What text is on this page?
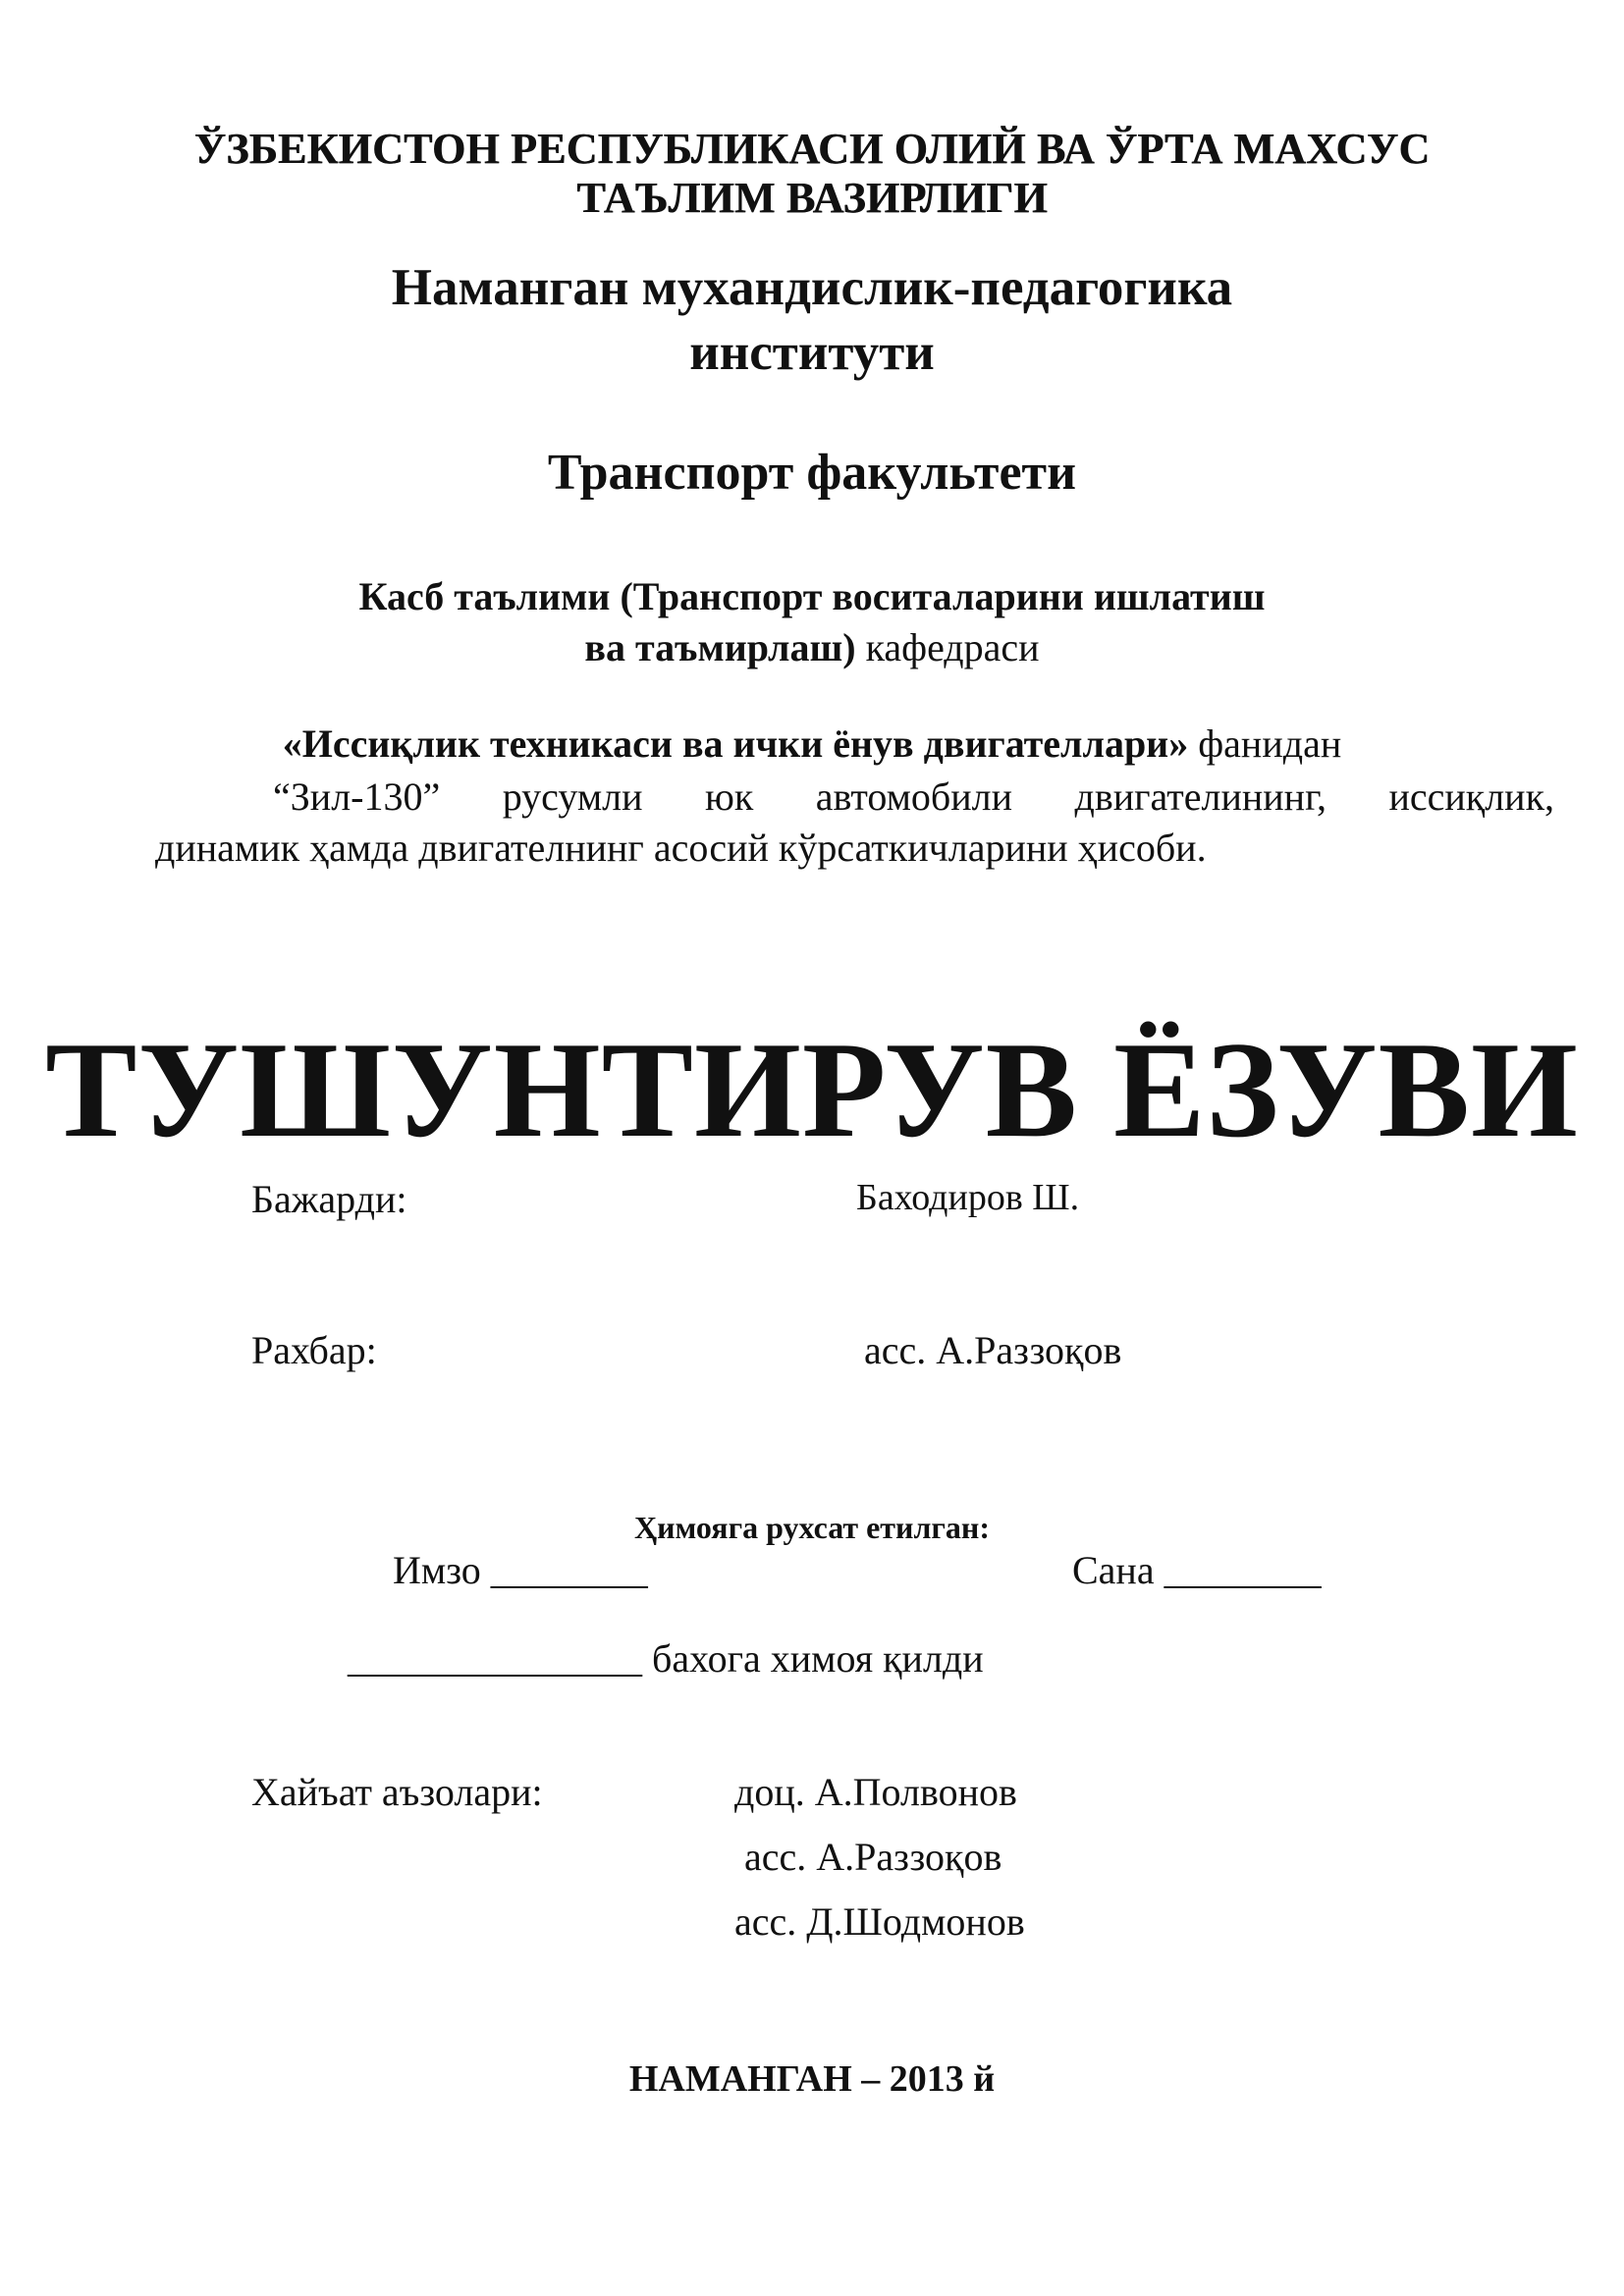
ЎЗБЕКИСТОН РЕСПУБЛИКАСИ ОЛИЙ ВА ЎРТА МАХСУС
ТАЪЛИМ ВАЗИРЛИГИ
Наманган мухандислик-педагогика
институти
Транспорт факультети
Касб таълими (Транспорт воситаларини ишлатиш
ва таъмирлаш) кафедраси
«Иссиқлик техникаси ва ички ёнув двигателлари» фанидан
“Зил-130” русумли юк автомобили двигателининг, иссиқлик,
динамик ҳамда двигателнинг асосий кўрсаткичларини ҳисоби.
ТУШУНТИРУВ ЁЗУВИ
Бажарди:	Баходиров Ш.
Рахбар:	асс. А.Раззоқов
Ҳимояга рухсат етилган:
Имзо ________	Сана ________
_______________ бахога химоя қилди
Хайъат аъзолари:	доц. А.Полвонов
асс. А.Раззоқов
асс. Д.Шодмонов
НАМАНГАН – 2013 й
